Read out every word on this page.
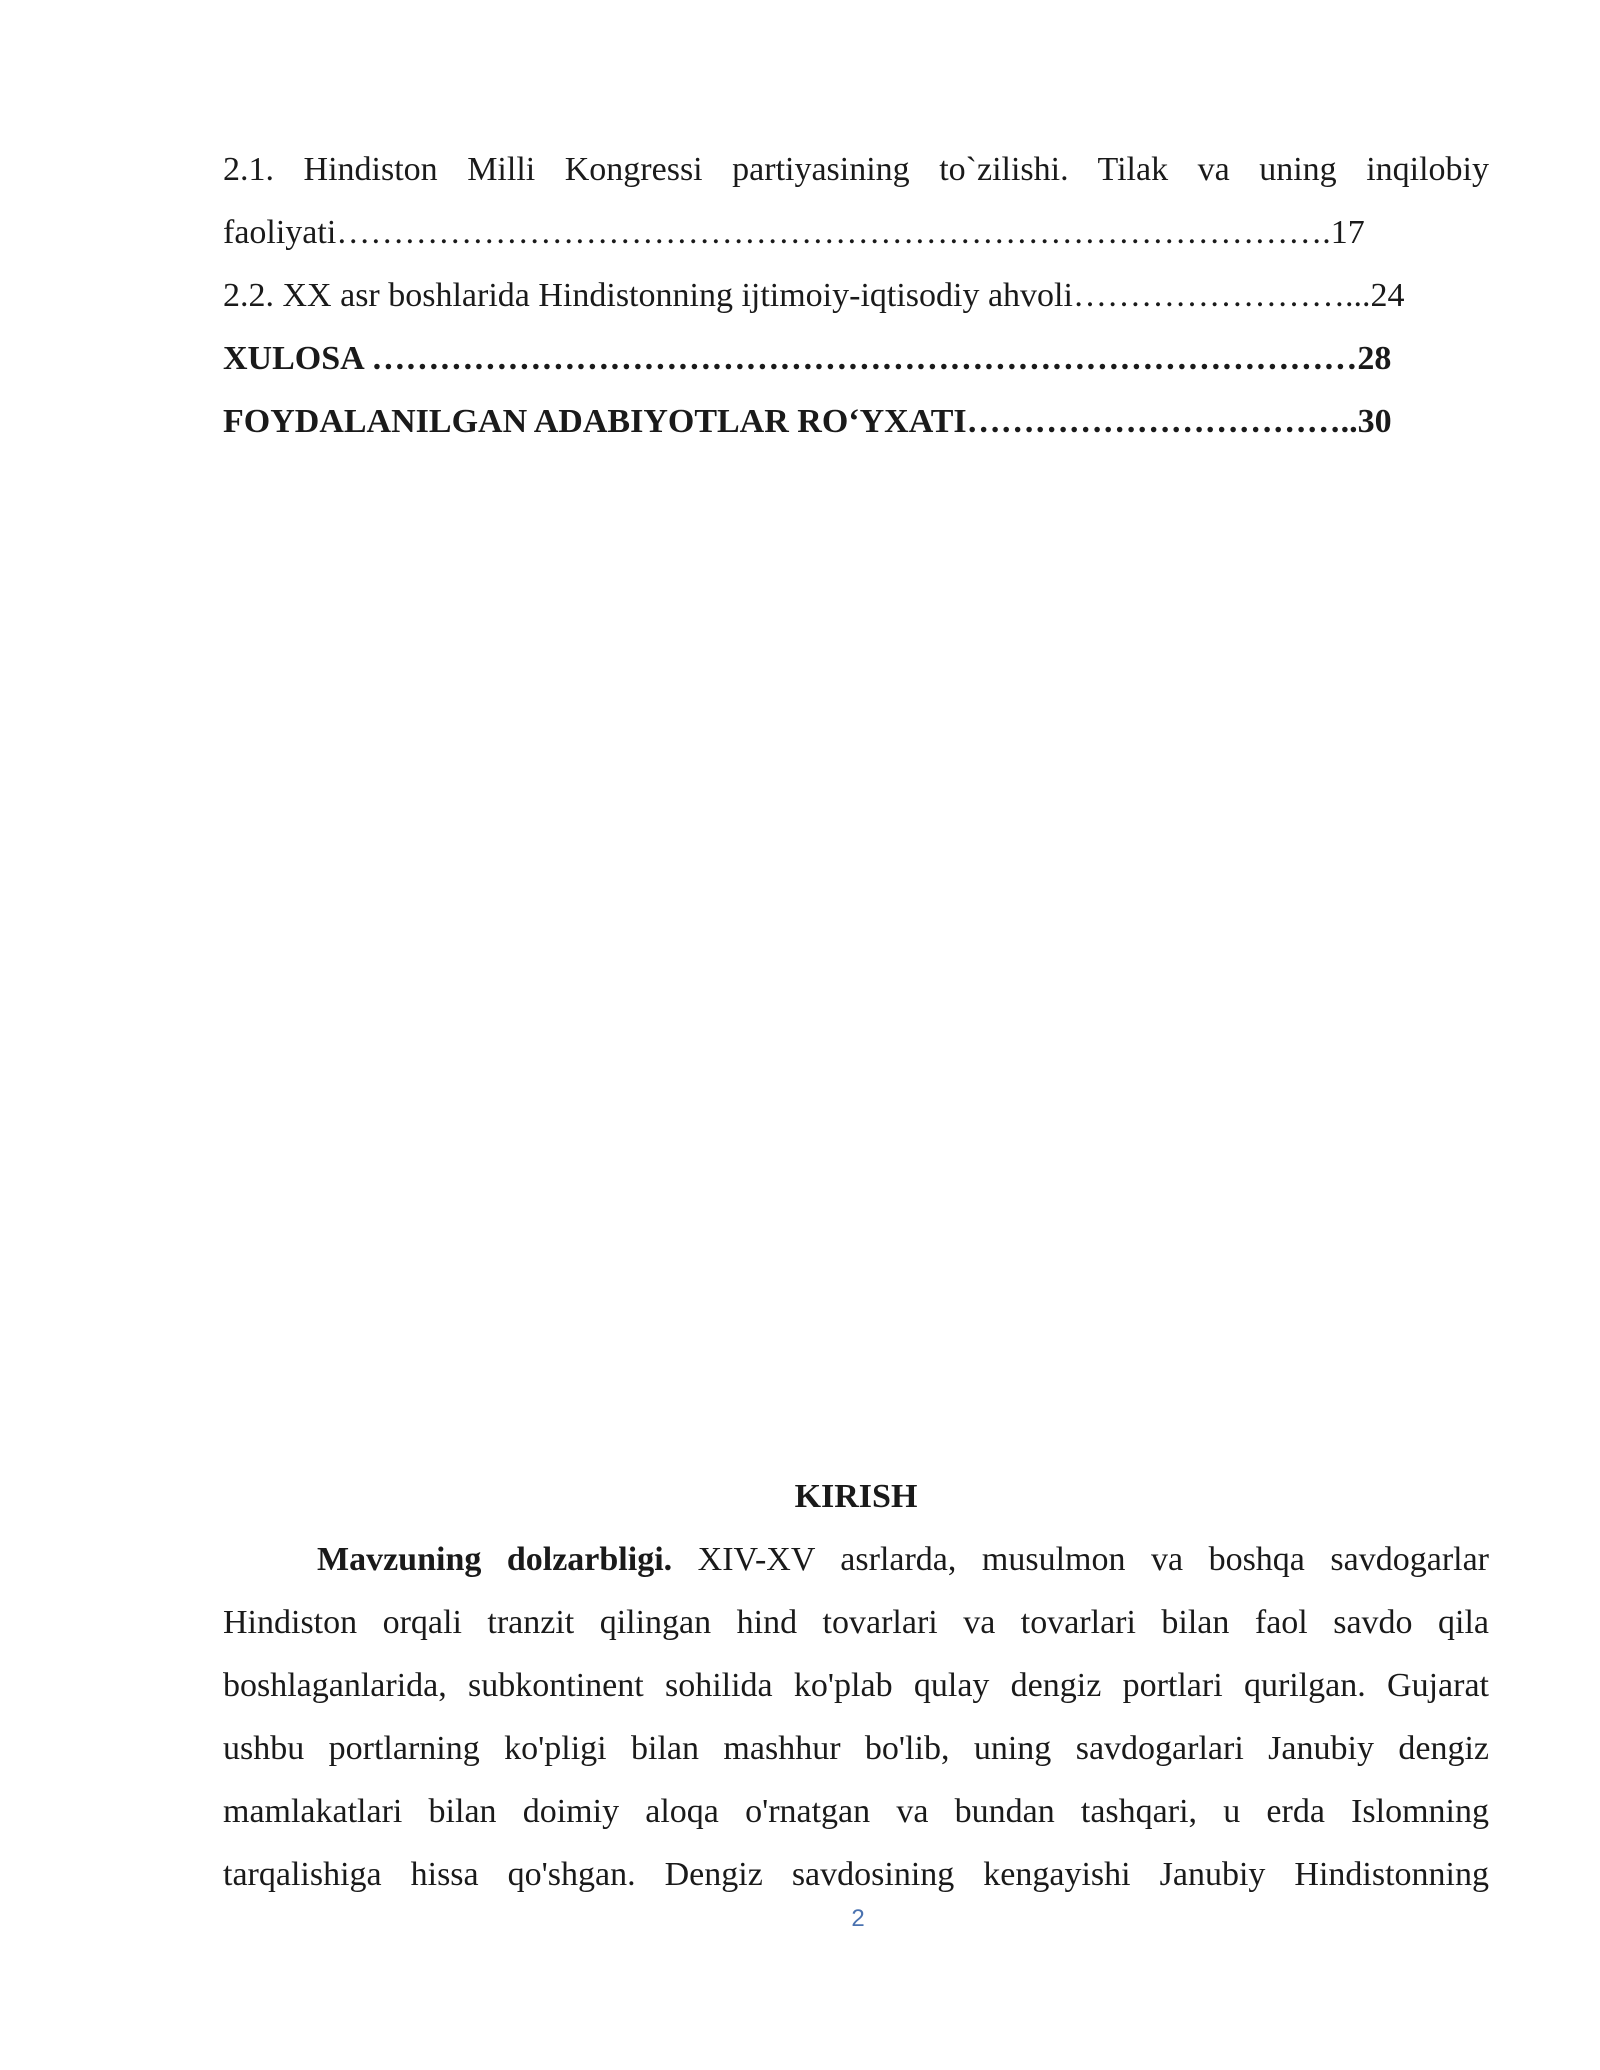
2.1. Hindiston Milli Kongressi partiyasining to`zilishi. Tilak va uning inqilobiy
faoliyati…………………………………………………………………………….17
2.2. XX asr boshlarida Hindistonning ijtimoiy-iqtisodiy ahvoli……………………...24
XULOSA ……………………………………………………………………………28
FOYDALANILGAN ADABIYOTLAR RO‘YXATI……………………………..30
KIRISH
Mavzuning dolzarbligi. XIV-XV asrlarda, musulmon va boshqa savdogarlar
Hindiston orqali tranzit qilingan hind tovarlari va tovarlari bilan faol savdo qila
boshlaganlarida, subkontinent sohilida ko'plab qulay dengiz portlari qurilgan. Gujarat
ushbu portlarning ko'pligi bilan mashhur bo'lib, uning savdogarlari Janubiy dengiz
mamlakatlari bilan doimiy aloqa o'rnatgan va bundan tashqari, u erda Islomning
tarqalishiga hissa qo'shgan. Dengiz savdosining kengayishi Janubiy Hindistonning
2
